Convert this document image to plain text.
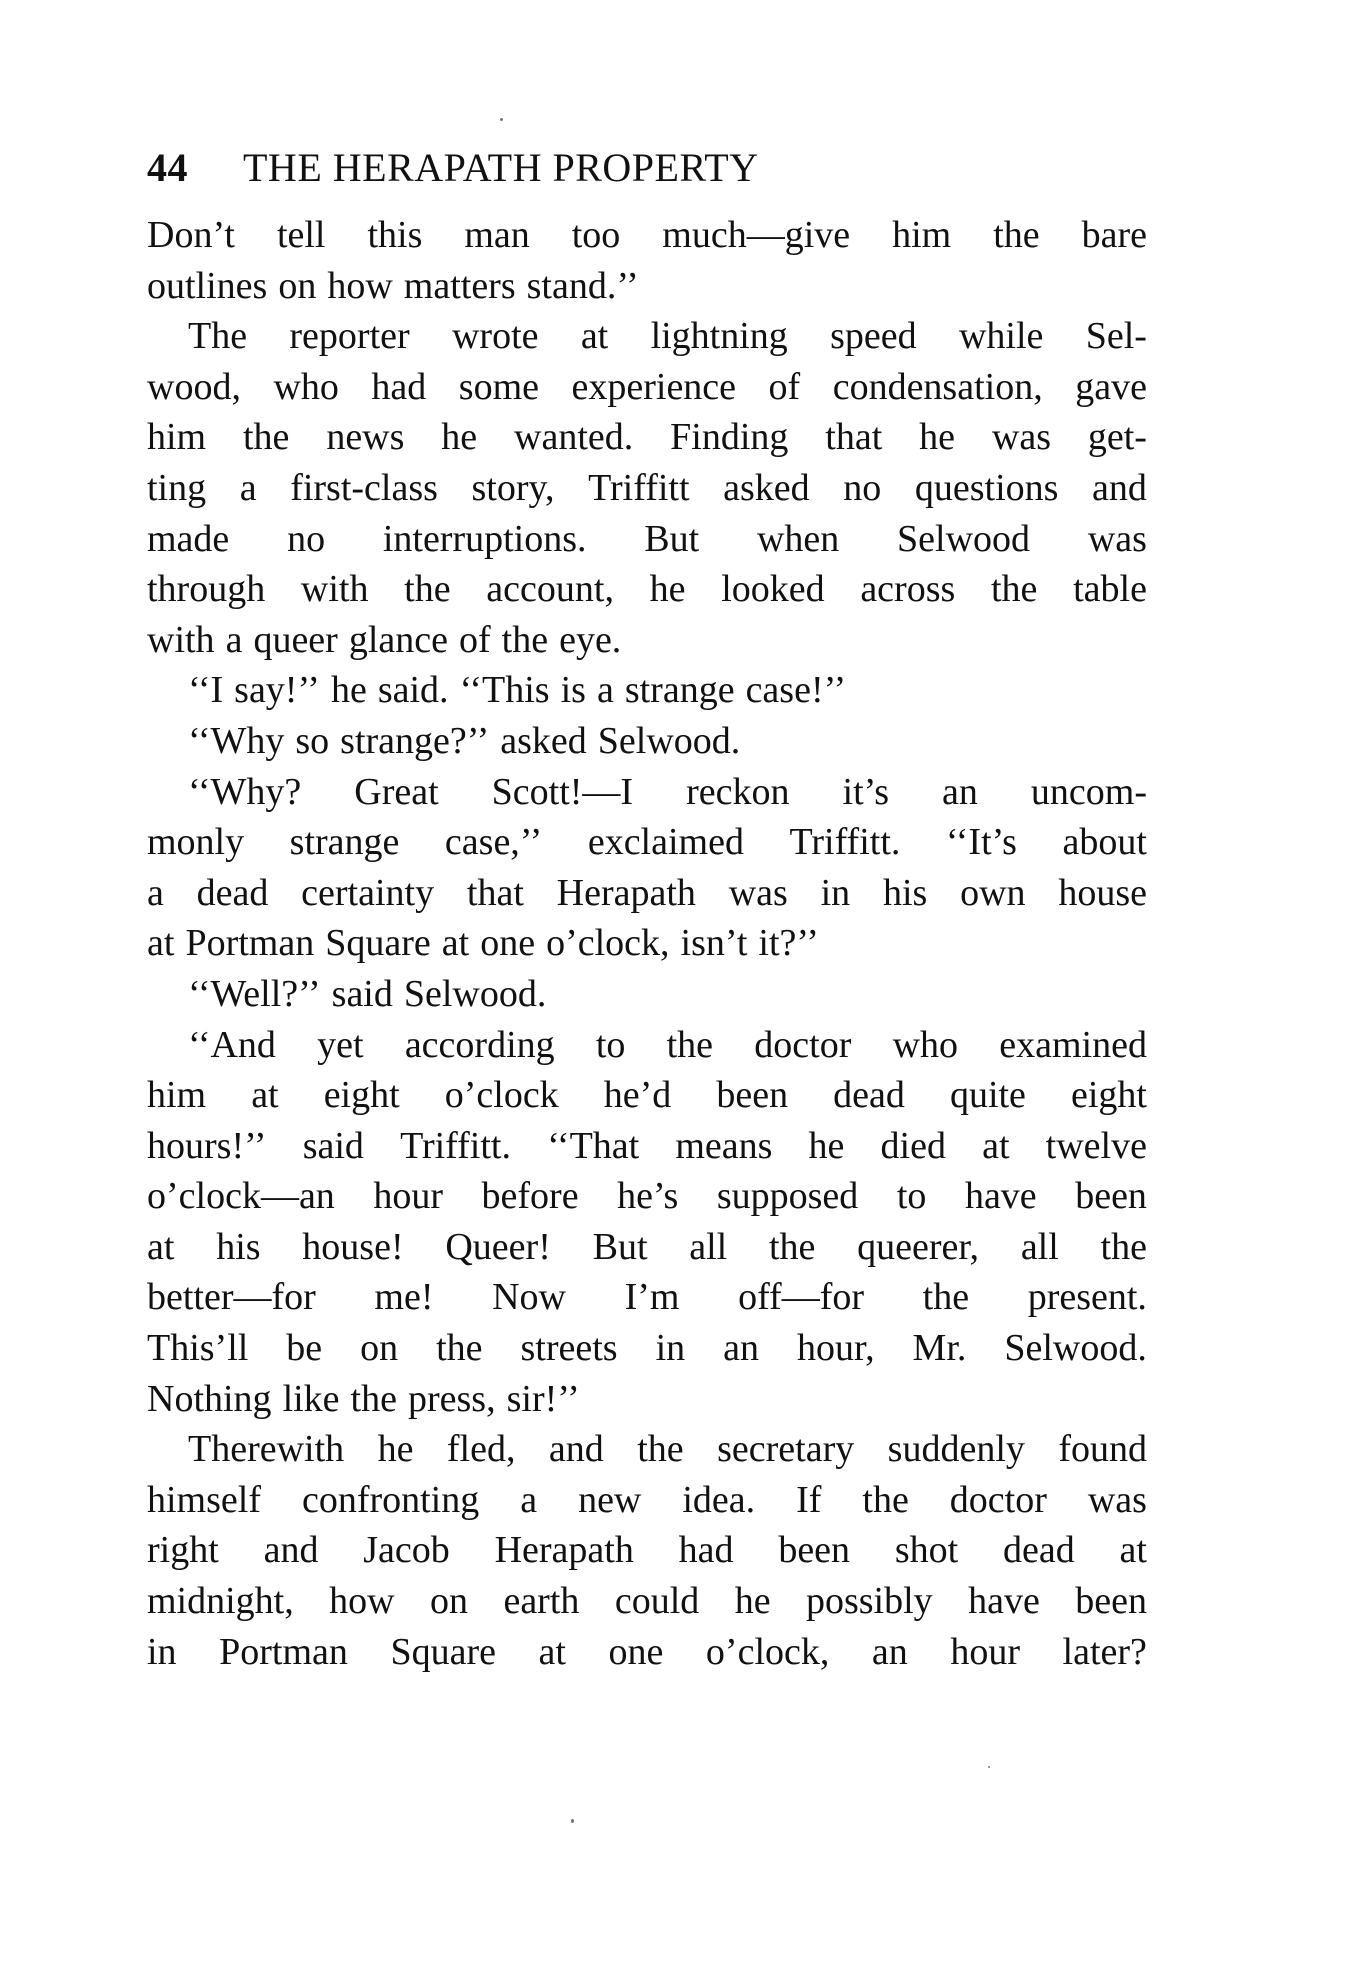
44 THE HERAPATH PROPERTY
Don’t tell this man too much—give him the bare
outlines on how matters stand.’’
The reporter wrote at lightning speed while Sel-
wood, who had some experience of condensation, gave
him the news he wanted. Finding that he was get-
ting a first-class story, Triffitt asked no questions and
made no interruptions. But when Selwood was
through with the account, he looked across the table
with a queer glance of the eye.
‘‘I say!’’ he said. ‘‘This is a strange case!’’
‘‘Why so strange?’’ asked Selwood.
‘‘Why? Great Scott!—I reckon it’s an uncom-
monly strange case,’’ exclaimed Triffitt. ‘‘It’s about
a dead certainty that Herapath was in his own house
at Portman Square at one o’clock, isn’t it?’’
‘‘Well?’’ said Selwood.
‘‘And yet according to the doctor who examined
him at eight o’clock he’d been dead quite eight
hours!’’ said Triffitt. ‘‘That means he died at twelve
o’clock—an hour before he’s supposed to have been
at his house! Queer! But all the queerer, all the
better—for me! Now I’m off—for the present.
This’ll be on the streets in an hour, Mr. Selwood.
Nothing like the press, sir!’’
Therewith he fled, and the secretary suddenly found
himself confronting a new idea. If the doctor was
right and Jacob Herapath had been shot dead at
midnight, how on earth could he possibly have been
in Portman Square at one o’clock, an hour later?
